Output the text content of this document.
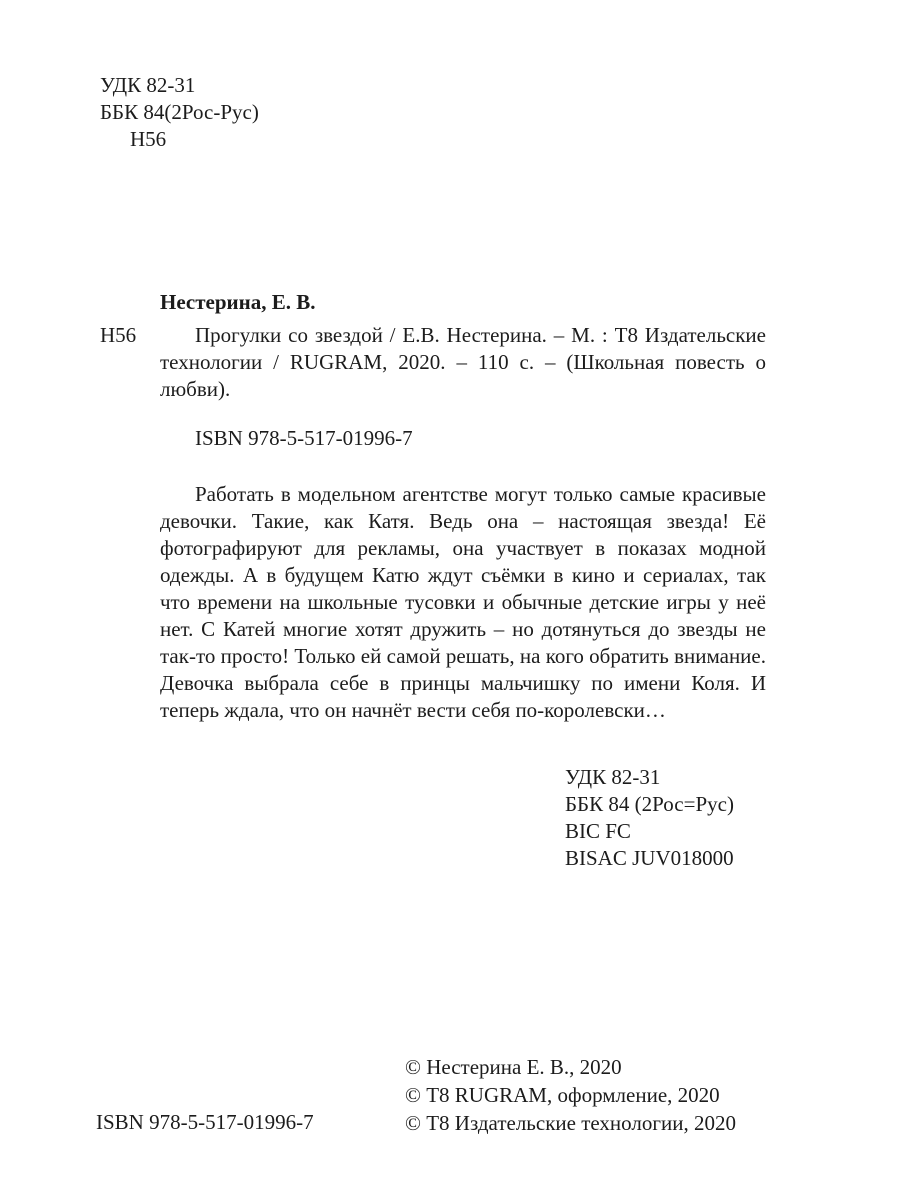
УДК 82-31
ББК 84(2Рос-Рус)
Н56
Нестерина, Е. В.
Н56	Прогулки со звездой / Е.В. Нестерина. – М. : Т8 Издательские технологии / RUGRAM, 2020. – 110 с. – (Школьная повесть о любви).

ISBN 978-5-517-01996-7

Работать в модельном агентстве могут только самые красивые девочки. Такие, как Катя. Ведь она – настоящая звезда! Её фотографируют для рекламы, она участвует в показах модной одежды. А в будущем Катю ждут съёмки в кино и сериалах, так что времени на школьные тусовки и обычные детские игры у неё нет. С Катей многие хотят дружить – но дотянуться до звезды не так-то просто! Только ей самой решать, на кого обратить внимание. Девочка выбрала себе в принцы мальчишку по имени Коля. И теперь ждала, что он начнёт вести себя по-королевски…

УДК 82-31
ББК 84 (2Рос=Рус)
BIC FC
BISAC JUV018000
© Нестерина Е. В., 2020
© Т8 RUGRAM, оформление, 2020
© Т8 Издательские технологии, 2020
ISBN 978-5-517-01996-7
